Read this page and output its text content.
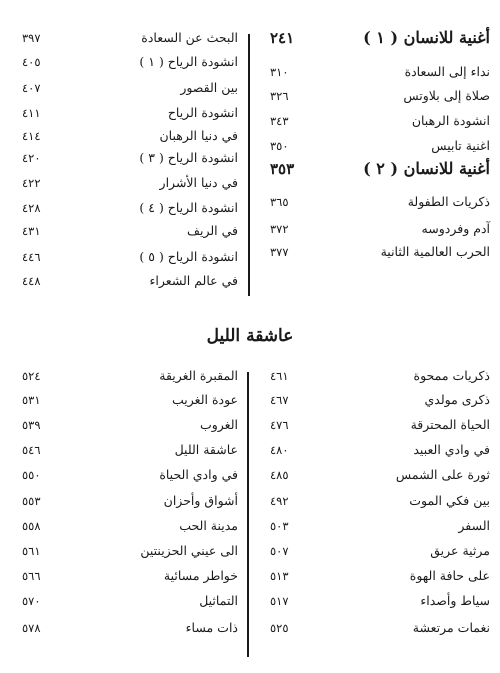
أغنية للانسان ( ١ )
٢٤١
نداء إلى السعادة
٣١٠
صلاة إلى بلاوتس
٣٢٦
انشودة الرهبان
٣٤٣
اغنية تابيس
٣٥٠
أغنية للانسان ( ٢ )
٣٥٣
ذكريات الطفولة
٣٦٥
آدم وفردوسه
٣٧٢
الحرب العالمية الثانية
٣٧٧
البحث عن السعادة
٣٩٧
انشودة الرياح ( ١ )
٤٠٥
بين القصور
٤٠٧
انشودة الرياح
٤١١
في دنيا الرهبان
٤١٤
انشودة الرياح ( ٣ )
٤٢٠
في دنيا الأشرار
٤٢٢
انشودة الرياح ( ٤ )
٤٢٨
في الريف
٤٣١
انشودة الرياح ( ٥ )
٤٤٦
في عالم الشعراء
٤٤٨
عاشقة الليل
ذكريات ممحوة
٤٦١
ذكرى مولدي
٤٦٧
الحياة المحترقة
٤٧٦
في وادي العبيد
٤٨٠
ثورة على الشمس
٤٨٥
بين فكي الموت
٤٩٢
السفر
٥٠٣
مرثية عريق
٥٠٧
على حافة الهوة
٥١٣
سياط وأصداء
٥١٧
نغمات مرتعشة
٥٢٥
المقبرة الغريقة
٥٢٤
عودة الغريب
٥٣١
الغروب
٥٣٩
عاشقة الليل
٥٤٦
في وادي الحياة
٥٥٠
أشواق وأحزان
٥٥٣
مدينة الحب
٥٥٨
الى عيني الحزينتين
٥٦١
خواطر مسائية
٥٦٦
التماثيل
٥٧٠
ذات مساء
٥٧٨
